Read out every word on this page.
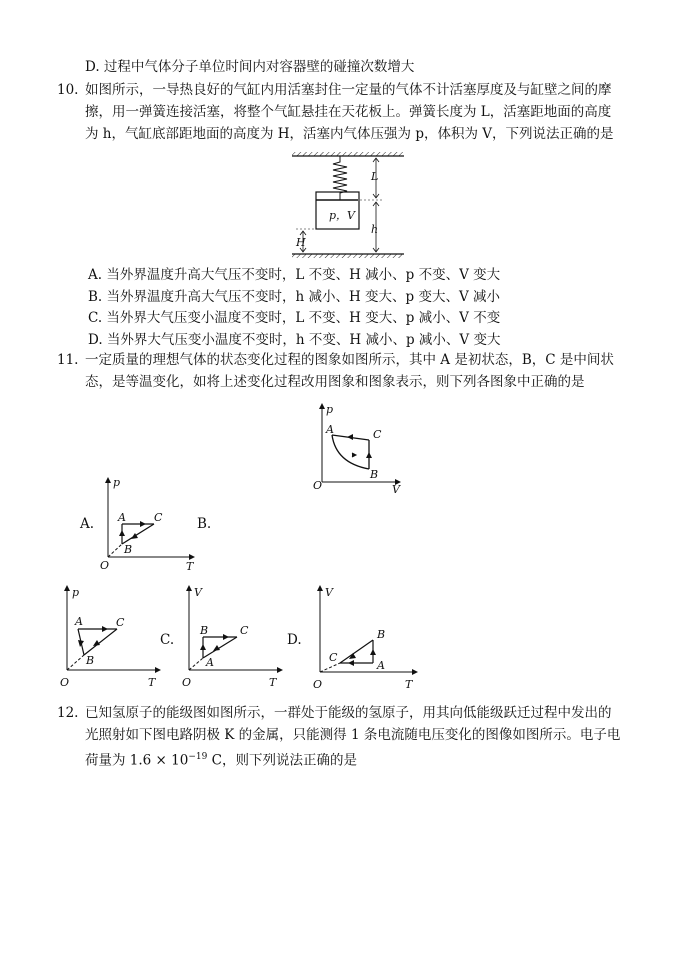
D. 过程中气体分子单位时间内对容器壁的碰撞次数增大
10. 如图所示，一导热良好的气缸内用活塞封住一定量的气体不计活塞厚度及与缸壁之间的摩
擦，用一弹簧连接活塞，将整个气缸悬挂在天花板上。弹簧长度为 L，活塞距地面的高度
为 h，气缸底部距地面的高度为 H，活塞内气体压强为 p，体积为 V，下列说法正确的是
p，V
L
h
H
A. 当外界温度升高大气压不变时，L 不变、H 减小、p 不变、V 变大
B. 当外界温度升高大气压不变时，h 减小、H 变大、p 变大、V 减小
C. 当外界大气压变小温度不变时，L 不变、H 变大、p 减小、V 不变
D. 当外界大气压变小温度不变时，h 不变、H 减小、p 减小、V 变大
11. 一定质量的理想气体的状态变化过程的图象如图所示，其中 A 是初状态，B，C 是中间状
态，是等温变化，如将上述变化过程改用图象和图象表示，则下列各图象中正确的是
p
V
O
A	C
B
p
T
O
A	C
B
p
T
O
A	C
B
V
T
O
B	C
A
V
T
O
C
B
A
A.	B.
C.	D.
12. 已知氢原子的能级图如图所示，一群处于能级的氢原子，用其向低能级跃迁过程中发出的
光照射如下图电路阴极 K 的金属，只能测得 1 条电流随电压变化的图像如图所示。电子电
荷量为 $1.6 \times 10^{-19}$ C，则下列说法正确的是
